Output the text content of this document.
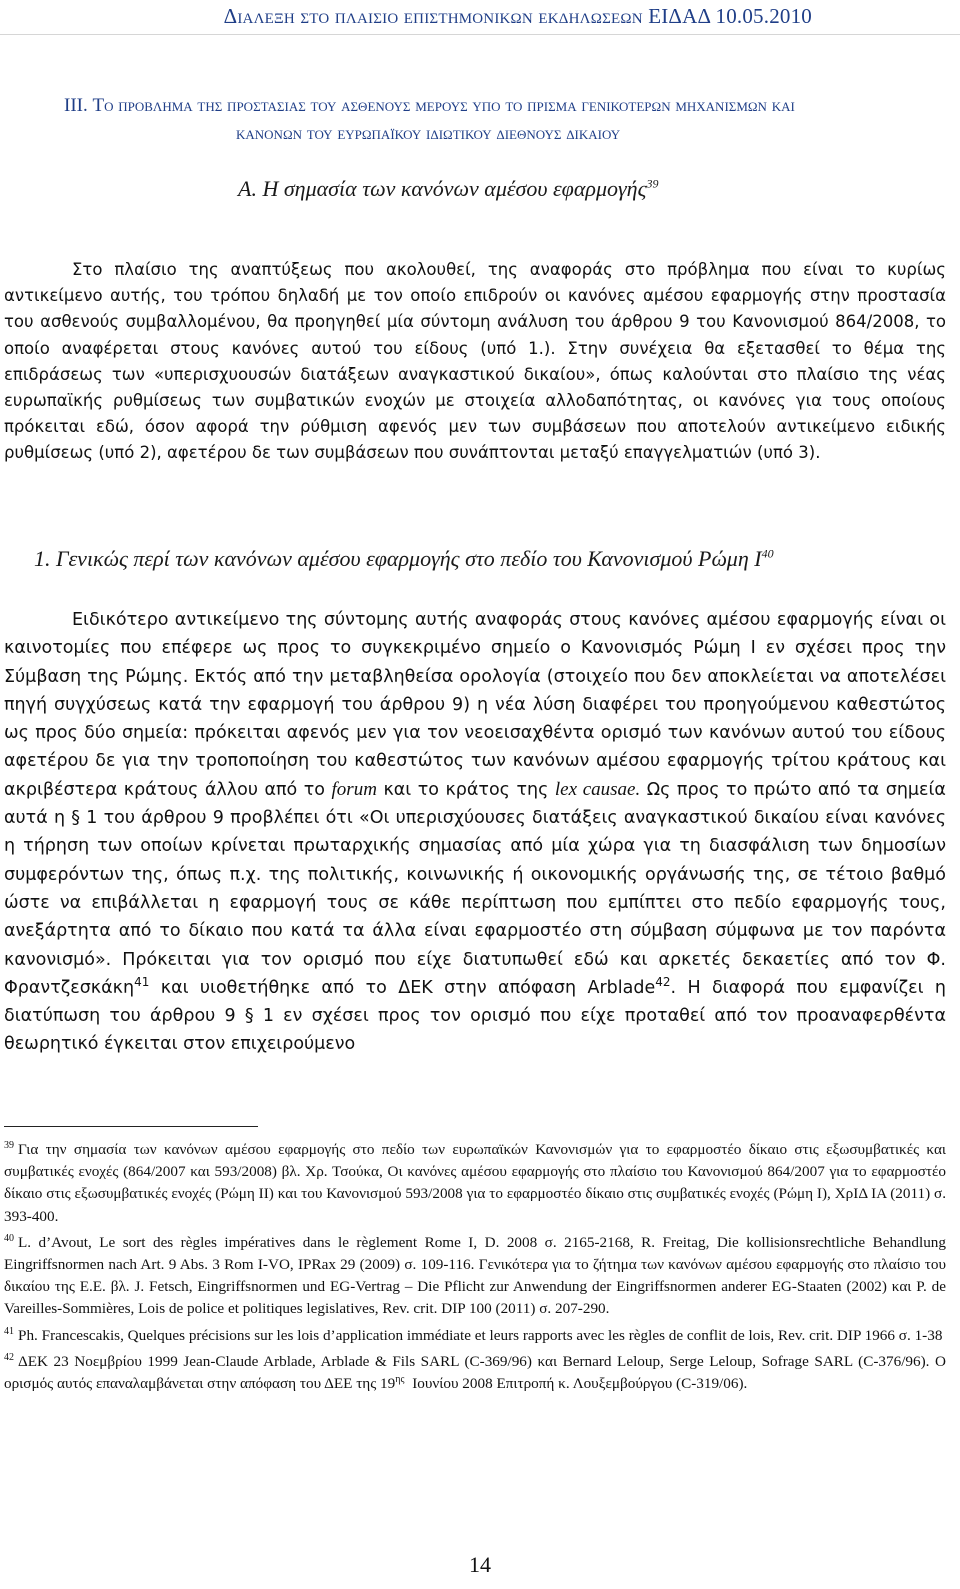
Διαλεξη στο πλαισιο επιστημονικων εκδηλωσεων ΕΙΔΑΔ 10.05.2010
III. Το προβλημα της προστασιας του ασθενους μερους υπο το πρισμα γενικοτερων μηχανισμων και
κανονων του ευρωπαϊκου ιδιωτικου διεθνους δικαιου
Α. Η σημασία των κανόνων αμέσου εφαρμογής$^{39}$

Στο πλαίσιο της αναπτύξεως που ακολουθεί, της αναφοράς στο πρόβλημα που είναι το κυρίως αντικείμενο αυτής, του τρόπου δηλαδή με τον οποίο επιδρούν οι κανόνες αμέσου εφαρμογής στην προστασία του ασθενούς συμβαλλομένου, θα προηγηθεί μία σύντομη ανάλυση του άρθρου 9 του Κανονισμού 864/2008, το οποίο αναφέρεται στους κανόνες αυτού του είδους (υπό 1.). Στην συνέχεια θα εξετασθεί το θέμα της επιδράσεως των «υπερισχυουσών διατάξεων αναγκαστικού δικαίου», όπως καλούνται στο πλαίσιο της νέας ευρωπαϊκής ρυθμίσεως των συμβατικών ενοχών με στοιχεία αλλοδαπότητας, οι κανόνες για τους οποίους πρόκειται εδώ, όσον αφορά την ρύθμιση αφενός μεν των συμβάσεων που αποτελούν αντικείμενο ειδικής ρυθμίσεως (υπό 2), αφετέρου δε των συμβάσεων που συνάπτονται μεταξύ επαγγελματιών (υπό 3).

1. Γενικώς περί των κανόνων αμέσου εφαρμογής στο πεδίο του Κανονισμού Ρώμη $I^{40}$

Ειδικότερο αντικείμενο της σύντομης αυτής αναφοράς στους κανόνες αμέσου εφαρμογής είναι οι καινοτομίες που επέφερε ως προς το συγκεκριμένο σημείο ο Κανονισμός Ρώμη Ι εν σχέσει προς την Σύμβαση της Ρώμης. Εκτός από την μεταβληθείσα ορολογία (στοιχείο που δεν αποκλείεται να αποτελέσει πηγή συγχύσεως κατά την εφαρμογή του άρθρου 9) η νέα λύση διαφέρει του προηγούμενου καθεστώτος ως προς δύο σημεία: πρόκειται αφενός μεν για τον νεοεισαχθέντα ορισμό των κανόνων αυτού του είδους αφετέρου δε για την τροποποίηση του καθεστώτος των κανόνων αμέσου εφαρμογής τρίτου κράτους και ακριβέστερα κράτους άλλου από το forum και το κράτος της lex causae. Ως προς το πρώτο από τα σημεία αυτά η § 1 του άρθρου 9 προβλέπει ότι «Οι υπερισχύουσες διατάξεις αναγκαστικού δικαίου είναι κανόνες η τήρηση των οποίων κρίνεται πρωταρχικής σημασίας από μία χώρα για τη διασφάλιση των δημοσίων συμφερόντων της, όπως π.χ. της πολιτικής, κοινωνικής ή οικονομικής οργάνωσής της, σε τέτοιο βαθμό ώστε να επιβάλλεται η εφαρμογή τους σε κάθε περίπτωση που εμπίπτει στο πεδίο εφαρμογής τους, ανεξάρτητα από το δίκαιο που κατά τα άλλα είναι εφαρμοστέο στη σύμβαση σύμφωνα με τον παρόντα κανονισμό». Πρόκειται για τον ορισμό που είχε διατυπωθεί εδώ και αρκετές δεκαετίες από τον Φ. Φραντζεσκάκη$^{41}$ και υιοθετήθηκε από το ΔΕΚ στην απόφαση Arblade$^{42}$. Η διαφορά που εμφανίζει η διατύπωση του άρθρου 9 § 1 εν σχέσει προς τον ορισμό που είχε προταθεί από τον προαναφερθέντα θεωρητικό έγκειται στον επιχειρούμενο

$^{39}$ Για την σημασία των κανόνων αμέσου εφαρμογής στο πεδίο των ευρωπαϊκών Κανονισμών για το εφαρμοστέο δίκαιο στις εξωσυμβατικές και συμβατικές ενοχές (864/2007 και 593/2008) βλ. Χρ. Τσούκα, Οι κανόνες αμέσου εφαρμογής στο πλαίσιο του Κανονισμού 864/2007 για το εφαρμοστέο δίκαιο στις εξωσυμβατικές ενοχές (Ρώμη ΙΙ) και του Κανονισμού 593/2008 για το εφαρμοστέο δίκαιο στις συμβατικές ενοχές (Ρώμη Ι), ΧρΙΔ ΙΑ (2011) σ. 393-400.

$^{40}$ L. d’Avout, Le sort des règles impératives dans le règlement Rome I, D. 2008 σ. 2165-2168, R. Freitag, Die kollisionsrechtliche Behandlung Eingriffsnormen nach Art. 9 Abs. 3 Rom I-VO, IPRax 29 (2009) σ. 109-116. Γενικότερα για το ζήτημα των κανόνων αμέσου εφαρμογής στο πλαίσιο του δικαίου της Ε.Ε. βλ. J. Fetsch, Eingriffsnormen und EG-Vertrag – Die Pflicht zur Anwendung der Eingriffsnormen anderer EG-Staaten (2002) και P. de Vareilles-Sommières, Lois de police et politiques legislatives, Rev. crit. DIP 100 (2011) σ. 207-290.

$^{41}$ Ph. Francescakis, Quelques précisions sur les lois d’application immédiate et leurs rapports avec les règles de conflit de lois, Rev. crit. DIP 1966 σ. 1-38

$^{42}$ ΔΕΚ 23 Νοεμβρίου 1999 Jean-Claude Arblade, Arblade & Fils SARL (C-369/96) και Bernard Leloup, Serge Leloup, Sofrage SARL (C-376/96). Ο ορισμός αυτός επαναλαμβάνεται στην απόφαση του ΔΕΕ της 19$^{\eta\varsigma}$ Ιουνίου 2008 Επιτροπή κ. Λουξεμβούργου (C-319/06).

14
